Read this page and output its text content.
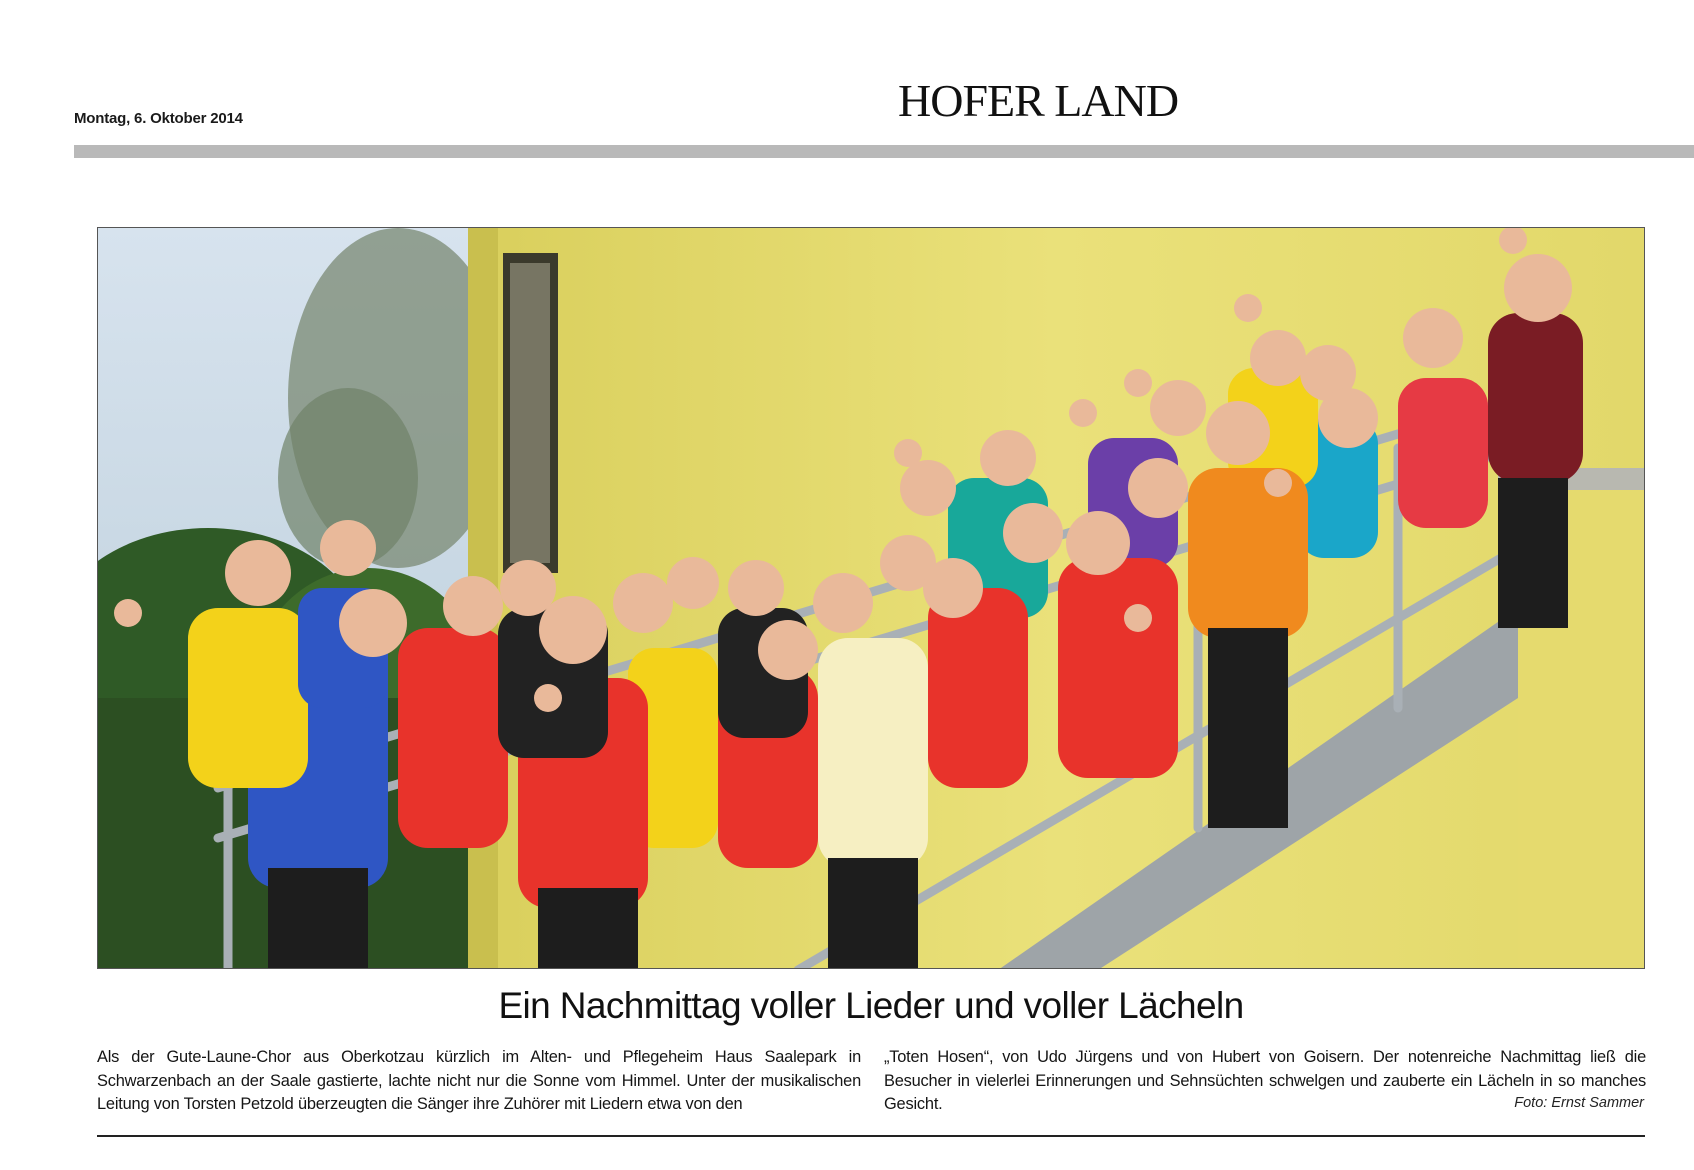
Montag, 6. Oktober 2014	HOFER LAND
Ein Nachmittag voller Lieder und voller Lächeln

Als der Gute-Laune-Chor aus Oberkotzau kürzlich im Alten- und Pflegeheim Haus Saalepark in Schwarzenbach an der Saale gastierte, lachte nicht nur die Sonne vom Himmel. Unter der musikalischen Leitung von Torsten Petzold überzeugten die Sänger ihre Zuhörer mit Liedern etwa von den

„Toten Hosen“, von Udo Jürgens und von Hubert von Goisern. Der notenreiche Nachmittag ließ die Besucher in vielerlei Erinnerungen und Sehnsüchten schwelgen und zauberte ein Lächeln in so manches Gesicht.	Foto: Ernst Sammer
